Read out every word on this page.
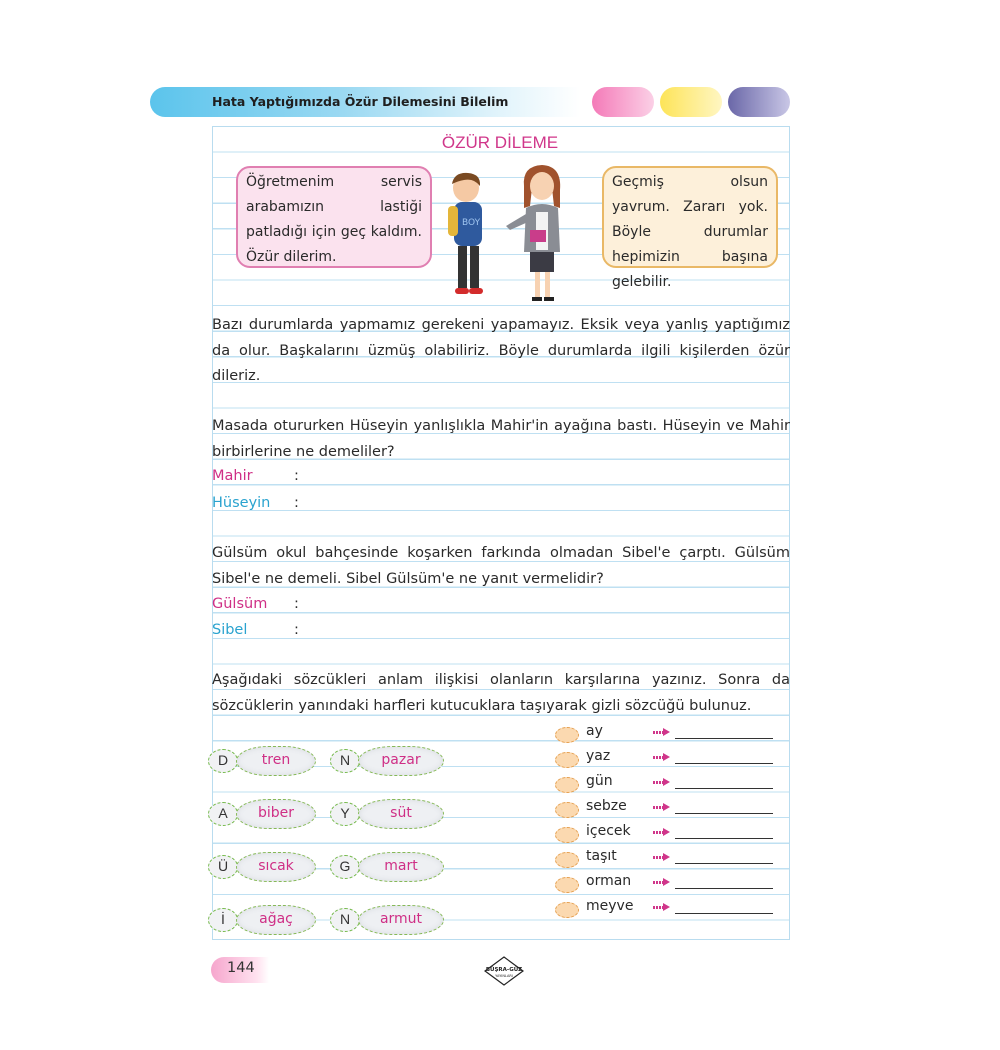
Hata Yaptığımızda Özür Dilemesini Bilelim
ÖZÜR DİLEME
Öğretmenim servis arabamızın lastiği patladığı için geç kaldım. Özür dilerim.
Geçmiş olsun yavrum. Zararı yok. Böyle durumlar hepimizin başına gelebilir.
BOY
Bazı durumlarda yapmamız gerekeni yapamayız. Eksik veya yanlış yaptığımız da olur. Başkalarını üzmüş olabiliriz. Böyle durumlarda ilgili kişilerden özür dileriz.
Masada otururken Hüseyin yanlışlıkla Mahir'in ayağına bastı. Hüseyin ve Mahir birbirlerine ne demeliler?
Mahir	:
Hüseyin :
Gülsüm okul bahçesinde koşarken farkında olmadan Sibel'e çarptı. Gülsüm Sibel'e ne demeli. Sibel Gülsüm'e ne yanıt vermelidir?
Gülsüm :
Sibel	:
Aşağıdaki sözcükleri anlam ilişkisi olanların karşılarına yazınız. Sonra da sözcüklerin yanındaki harfleri kutucuklara taşıyarak gizli sözcüğü bulunuz.
D	tren	N	pazar
A	biber	Y	süt
Ü	sıcak	G	mart
İ	ağaç	N	armut
ay
yaz
gün
sebze
içecek
taşıt
orman
meyve
144	BÜŞRA-GÜZ
YAYINLARI
